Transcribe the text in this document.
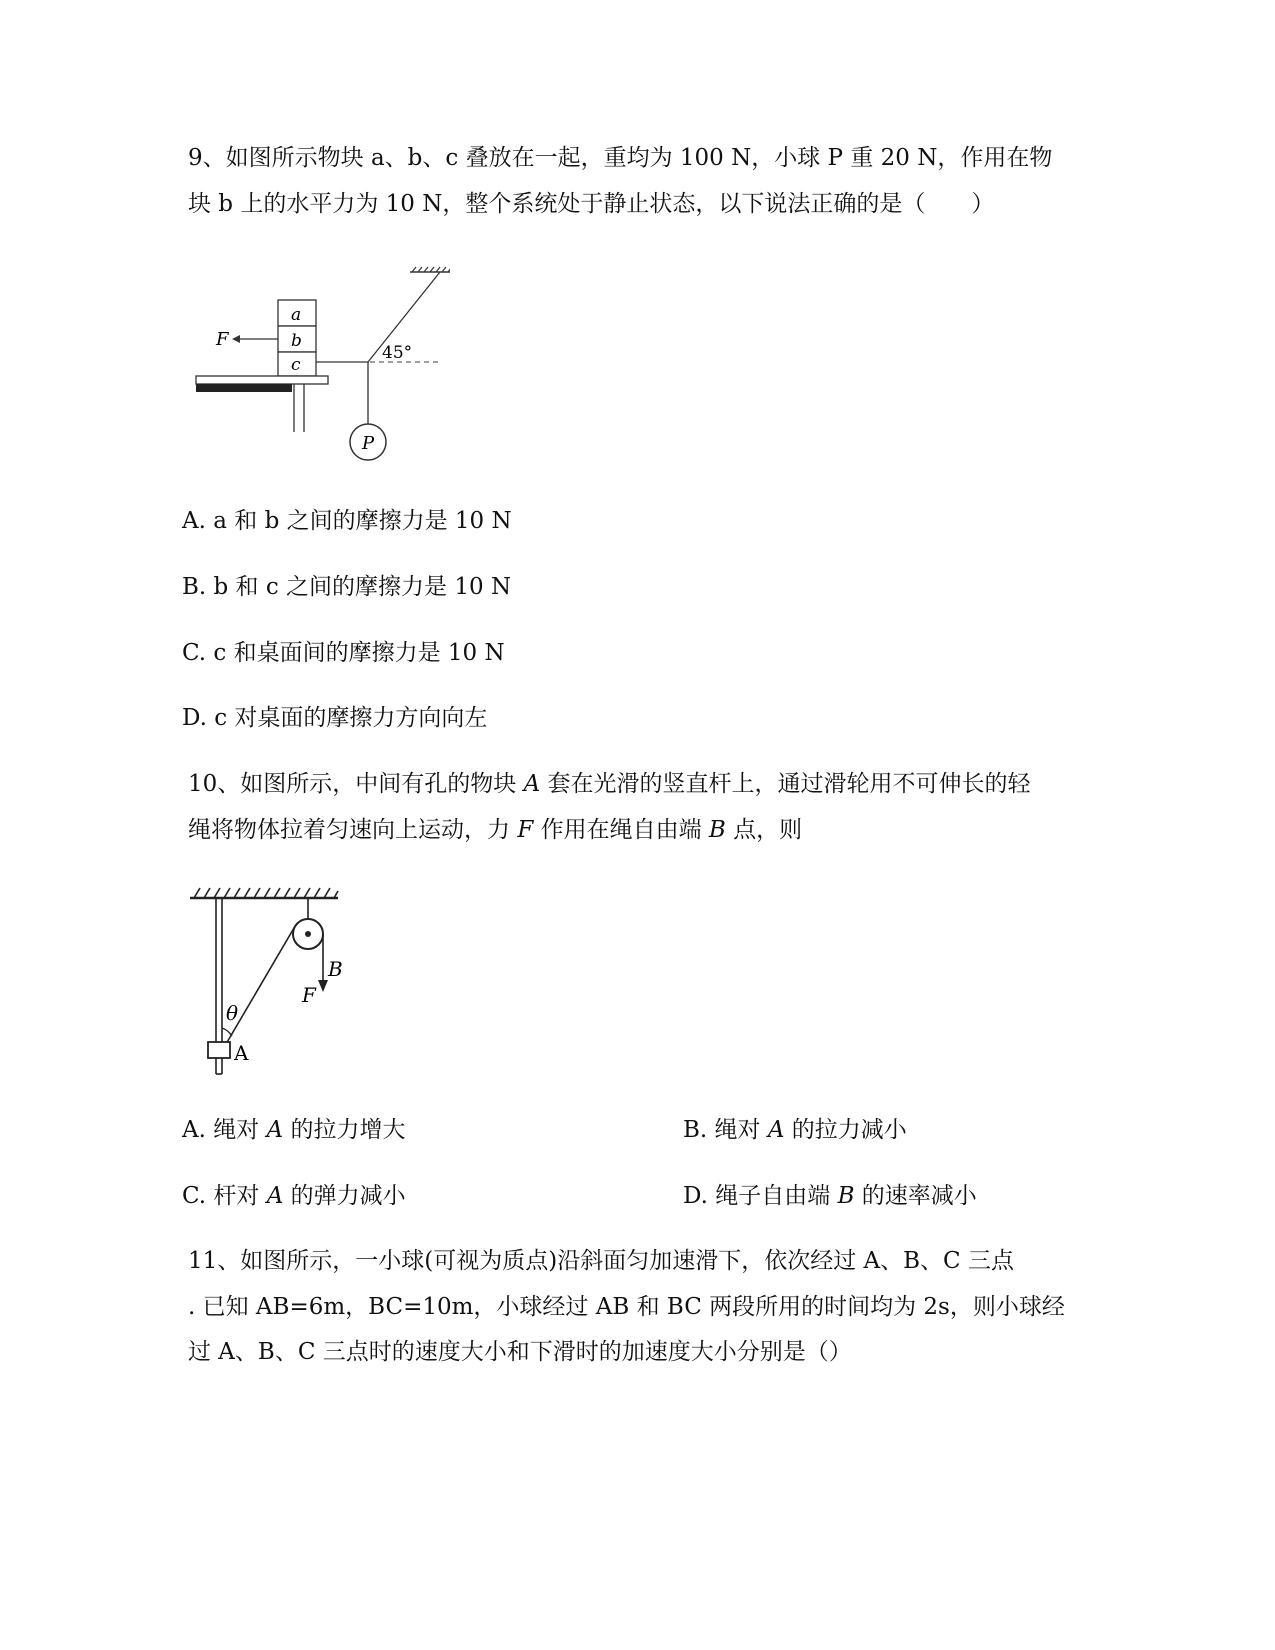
9、如图所示物块 a、b、c 叠放在一起，重均为 100 N，小球 P 重 20 N，作用在物
块 b 上的水平力为 10 N，整个系统处于静止状态，以下说法正确的是（　　）
P
45°
a
b
c
F
A. a 和 b 之间的摩擦力是 10 N
B. b 和 c 之间的摩擦力是 10 N
C. c 和桌面间的摩擦力是 10 N
D. c 对桌面的摩擦力方向向左
10、如图所示，中间有孔的物块 A 套在光滑的竖直杆上，通过滑轮用不可伸长的轻
绳将物体拉着匀速向上运动，力 F 作用在绳自由端 B 点，则
θ
A
B
F
A. 绳对 A 的拉力增大	B. 绳对 A 的拉力减小
C. 杆对 A 的弹力减小	D. 绳子自由端 B 的速率减小
11、如图所示，一小球(可视为质点)沿斜面匀加速滑下，依次经过 A、B、C 三点
. 已知 AB=6m，BC=10m，小球经过 AB 和 BC 两段所用的时间均为 2s，则小球经
过 A、B、C 三点时的速度大小和下滑时的加速度大小分别是（）
